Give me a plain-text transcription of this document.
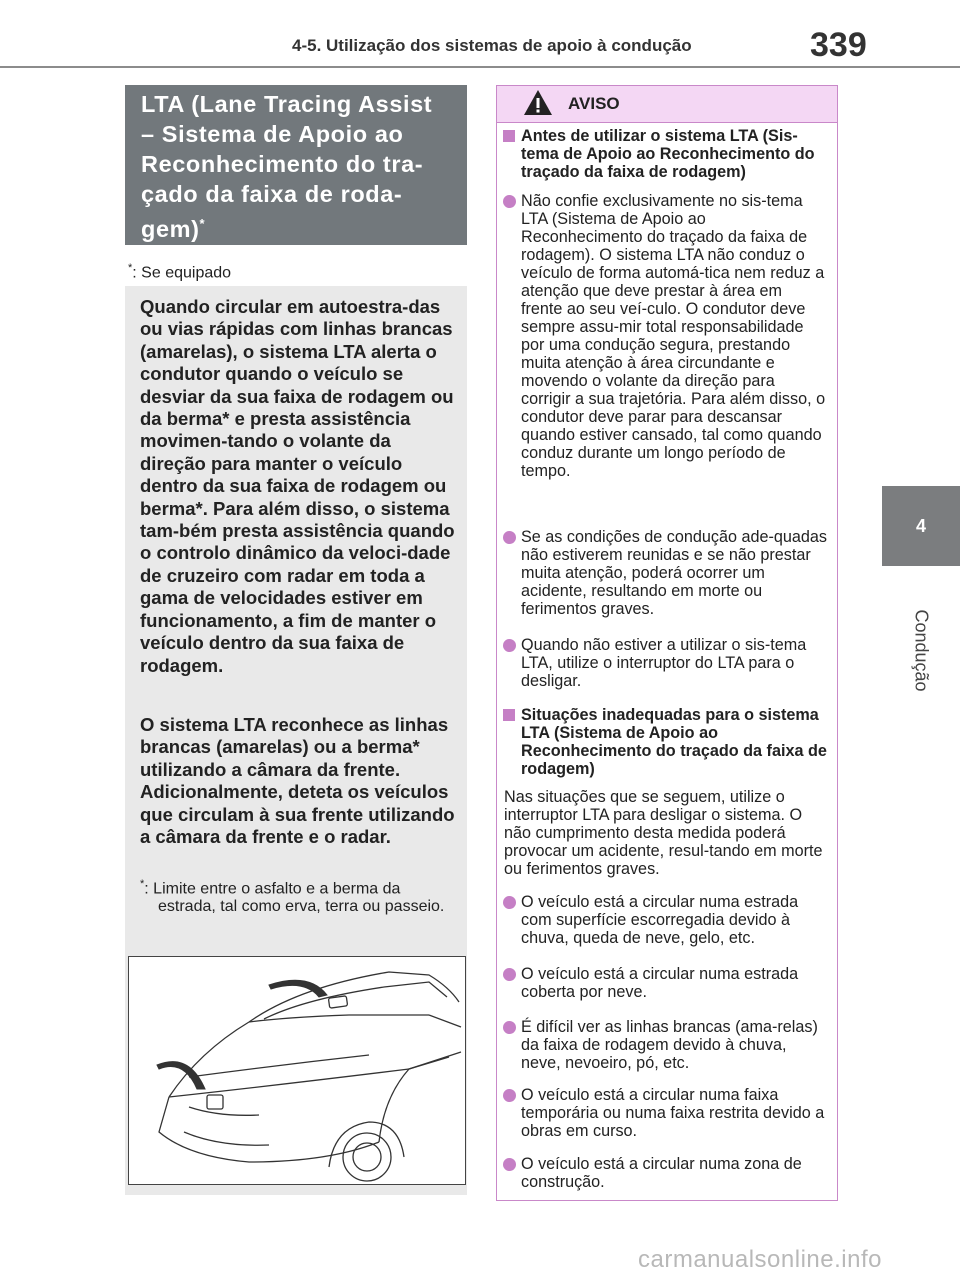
4-5. Utilização dos sistemas de apoio à condução	339
4
Condução
LTA (Lane Tracing Assist
– Sistema de Apoio ao
Reconhecimento do tra-
çado da faixa de roda-
gem)*
*: Se equipado
Quando circular em autoestra-das ou vias rápidas com linhas brancas (amarelas), o sistema LTA alerta o condutor quando o veículo se desviar da sua faixa de rodagem ou da berma* e presta assistência movimen-tando o volante da direção para manter o veículo dentro da sua faixa de rodagem ou berma*. Para além disso, o sistema tam-bém presta assistência quando o controlo dinâmico da veloci-dade de cruzeiro com radar em toda a gama de velocidades estiver em funcionamento, a fim de manter o veículo dentro da sua faixa de rodagem.
O sistema LTA reconhece as linhas brancas (amarelas) ou a berma* utilizando a câmara da frente. Adicionalmente, deteta os veículos que circulam à sua frente utilizando a câmara da frente e o radar.
*: Limite entre o asfalto e a berma da estrada, tal como erva, terra ou passeio.
AVISO
Antes de utilizar o sistema LTA (Sis-tema de Apoio ao Reconhecimento do traçado da faixa de rodagem)
Não confie exclusivamente no sis-tema LTA (Sistema de Apoio ao Reconhecimento do traçado da faixa de rodagem). O sistema LTA não conduz o veículo de forma automá-tica nem reduz a atenção que deve prestar à área em frente ao seu veí-culo. O condutor deve sempre assu-mir total responsabilidade por uma condução segura, prestando muita atenção à área circundante e movendo o volante da direção para corrigir a sua trajetória. Para além disso, o condutor deve parar para descansar quando estiver cansado, tal como quando conduz durante um longo período de tempo.
Se as condições de condução ade-quadas não estiverem reunidas e se não prestar muita atenção, poderá ocorrer um acidente, resultando em morte ou ferimentos graves.
Quando não estiver a utilizar o sis-tema LTA, utilize o interruptor do LTA para o desligar.
Situações inadequadas para o sistema LTA (Sistema de Apoio ao Reconhecimento do traçado da faixa de rodagem)
Nas situações que se seguem, utilize o interruptor LTA para desligar o sistema. O não cumprimento desta medida poderá provocar um acidente, resul-tando em morte ou ferimentos graves.
O veículo está a circular numa estrada com superfície escorregadia devido à chuva, queda de neve, gelo, etc.
O veículo está a circular numa estrada coberta por neve.
É difícil ver as linhas brancas (ama-relas) da faixa de rodagem devido à chuva, neve, nevoeiro, pó, etc.
O veículo está a circular numa faixa temporária ou numa faixa restrita devido a obras em curso.
O veículo está a circular numa zona de construção.
carmanualsonline.info
